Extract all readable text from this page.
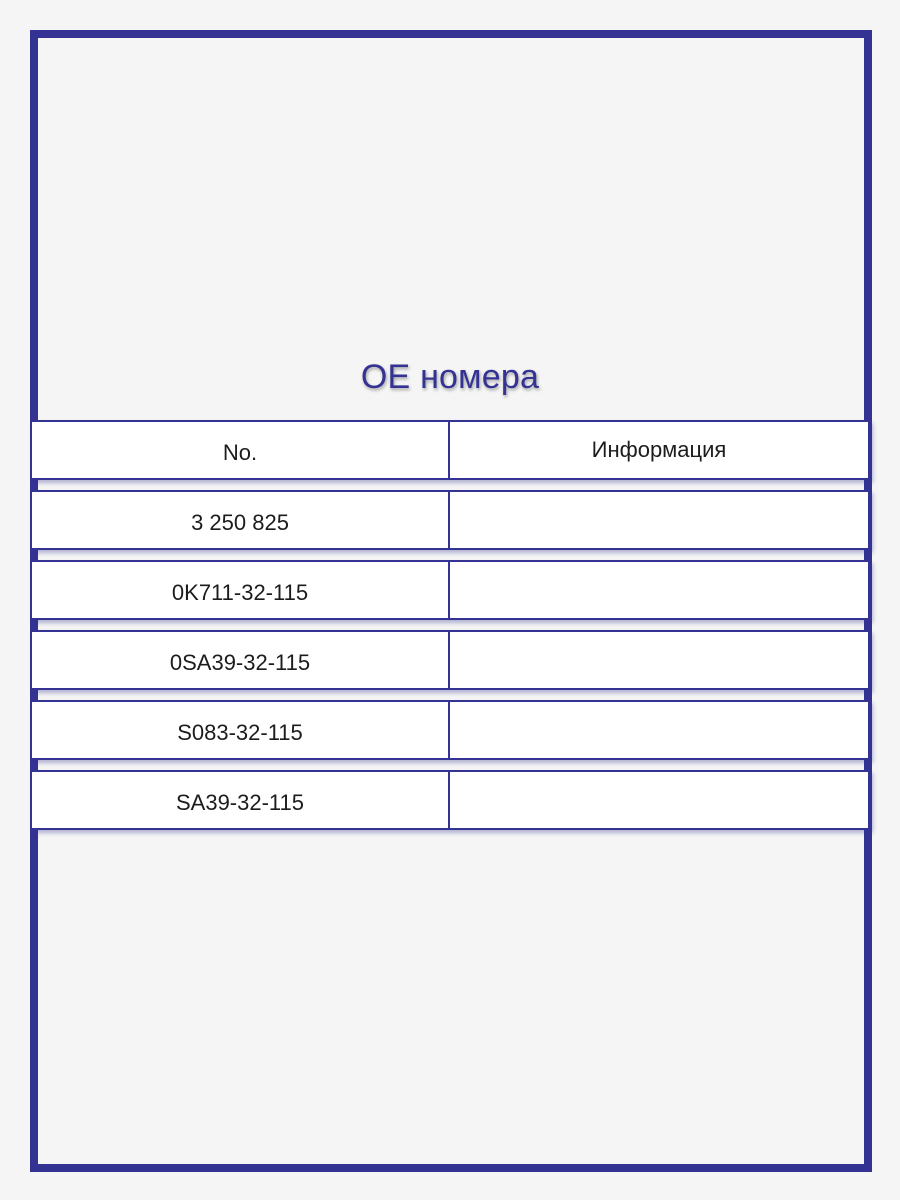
OE номера
No.	Информация
3 250 825
0K711-32-115
0SA39-32-115
S083-32-115
SA39-32-115
